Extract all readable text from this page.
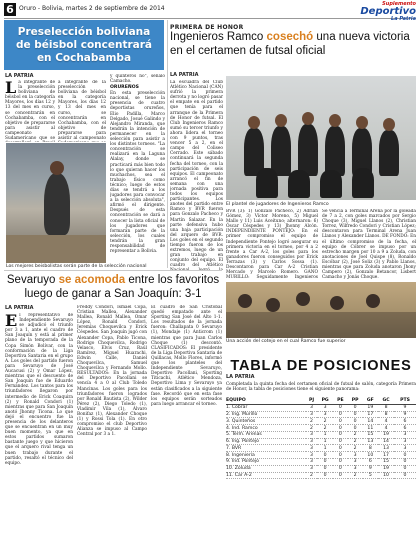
6 Oruro - Bolivia, martes 2 de septiembre de 2014
Suplemento
Deportivo
La Patria
Preselección boliviana de béisbol concentrará en Cochabamba
LA PATRIA
L a integrante de la preselección boliviana de béisbol en la categoría Mayores, los días 12 y 13 del mes en curso, se concentrarán en Cochabamba, con el objetivo de prepararse para asistir al campeonato Sudamericano que se
a integrante de la preselección boliviana de béisbol en la categoría Mayores, los días 12 y 13 del mes en curso, se concentrarán en Cochabamba, con el objetivo de prepararse para asistir al campeonato

y quinteros no", señaló Camacho.

ORUREÑOS

En esta preselección nacional, se tiene la presencia de cuatro deportistas orureños, Elio Padilla, Marco Delgado, Josué Galindo y Alejandro Miranda, que tendrán la intención de permanecer en la selección para asistir a los distintos torneos. "La concentración se realizará en la Laguna Alalay, donde se practicará más bien todo lo que quieran hacer los muchachos, sea el trabajo físico como técnico; luego de estos días se tendrá a los jugadores para convocar a la selección absoluta", afirmó el dirigente. Después de esta concentración se dará a conocer la lista oficial de los jugadores que formarán parte de la selección, los cuales tendrán la gran responsabilidad de representar a Bolivia.

Los mejores beisbolistas serán parte de la selección nacional
PRIMERA DE HONOR
Ingenieros Ramco cosechó una nueva victoria en el certamen de futsal oficial
LA PATRIA
La escuadra del Club Atlético Nacional (CAN) sufrió la primera derrota y no logró pasar el empate en el partido que tenía para el arranque de la Primera de Honor de futsal. El Club Ingenieros Ramco sumó su tercer triunfo y ahora lidera el torneo con 9 puntos, tras vencer 5 a 2, en el campo del Coliseo Cerrado. Este sábado continuará la segunda fecha del torneo, con la participación de seis equipos. El campeonato arrancó el fin de semana con una jornada positiva para todos los equipos participantes. Los anotes del partido entre Ramco y BVR fueron para Gonzalo Pacheco y Martín Salazar. En la parte defensiva hubo una baja participación del arquero de BVR. Los goles en el segundo tiempo fueron de los extremos, luego de un gran trabajo en conjunto del equipo. El cuadro del Atlético
El plantel de jugadores de Ingenieros Ramco
BVR (3): 1) Gonzalo Pacheco, 2) Adrián Gómez, 3) Víctor Moreno, 5) Miguel Mallo y 11) Luis Aceituno; alternaron: 6) Óscar Céspedes y 13) Jhonny Alcón. INDEPENDIENTE PONTEJO: En el primer compromiso el equipo de Independiente Pontejo logró asegurar su primera victoria en el torneo, por 4 a 2 frente a Car A-2, los goles para los ganadores fueron conseguidos por Erick Terrazas (3) y Carlos Sossa (1). Descontaron para Car A-2 Cristian Mercado y Marcelo Romero. GANO MURILLO: Seguidamente Ingenieros
Se vencía a Terminal Arena por la goleada de 7 a 2, con goles marcados por Sergio Choque (3), Miguel Llanos (2), Christian Torrez, Wilfredo Condori y Cristian López; descontaron para Terminal Arena Juan Llanos y Alexander Llanos. DE FONDO: En el último compromiso de la fecha, el equipo de Cóbrer se impuso por un estrecho margen por 10 a 9 a Zoluda, con anotaciones de Joel Quispe (8), Ronaldo Escóbar (2), José Soliz (3) y Pablo Llanos, mientras que para Zoluda anotaron Jhony Campero (2), Gonzalo Betancor, Lisbert Camacho y Jonás Choque.
Sevaruyo se acomoda entre los favoritos luego de ganar a San Joaquín: 3-1
LA PATRIA
E l representativo de Independiente Sevaruyo se adjudicó el triunfo por 3 a 1, ante el cuadro de San Joaquín y está al primer plano de la temporada de la Copa Simón Bolívar, con la conformación de la Liga Deportiva Santaria en el grupo A. Los goles del partido fueron para Sevaruyo de José Aucacusi (2) y Omar López, mientras que el descuento de San Joaquín fue de Eduardo Fernández. Los tantos para los triunfadores llegaron por intermedio de Erick Coaquira (2) y Ronald Condori (1) mientras que para San Joaquín anotó Jhonny Ticona. Lo que dejó el encuentro fue la presencia de los delanteros que se encuentran en un muy buen momento, ya que en estos partidos sumaron bastante juego y que hicieron que el arquero rival tenga un buen trabajo durante el partido, resaltó el técnico del equipo.
Freddy Condori, Ismael Copa, Cristian Mallea, Alexander Mallea, Ronald Mallea, Omar López, Ronald Condori, Jeremías Choquevilca y Erick Céspedes. San Joaquín jugó con Alexander Copa, Pablo Ticona, Rodrigo Choquevilca, Rodrigo Velasco, Elvis Cruz, Raúl Ramírez, Miguel Huarachi, Edwin Calle, Daniel Choquevilca, Samuel Choquevilca y Fernando Mollo. RESULTADOS: En la jornada del Deportivo Pacollani se vencía 4 a 0 al Club Toledo Mancinas. Los goles para los triunfadores fueron logrados por Ronald Bautista (2), Wilder Pérez (2), Diego Toledo (1), Vladimir Vila (1), Álvaro Bonifaz (1), Alexander Choque (1) y Rossi Tola (1). En otro compromiso el club Deportivo Alianza se impuso al Campo Central por 3 a 1.
El cuadro de San Cristóbal quedó empatado ante el Sporting San José del Alto 1-1. Los resultados de la jornada fueron: Challapata 0 Sevaruyo (1), Mondaje (1) Anticrom (1) mientras que para Juan Carlos Choque (1) descontó. CLASIFICADOS: El presidente de la Liga Deportiva Santaria de Quillacas, Mollo Flores, informó que los planteles del Independiente Sevaruyo, Deportivo Pacollani, Sporting Titicachi, Atlético Mendoza, Deportivo Lima y Sevaruyo ya están clasificados a la siguiente fase. Recordó que en esta fase los equipos serán sorteados para luego arrancar el torneo.
Una acción del cotejo en el cual Ramco fue superior
TABLA DE POSICIONES
LA PATRIA
Completada la quinta fecha del certamen oficial de futsal de salón, categoría Primera de Honor, la tabla de posiciones tiene el siguiente panorama:
EQUIPO	PJ	PG	PE	PP	GF	GC	PTS
1. Cobrar	3	3	0	0	19	8	9
2. Ing. Murillo	3	3	0	0	17	8	9
3. Quinteños	2	2	0	0	14	4	6
4. Ind. Ramco	2	2	0	0	11	4	6
5. Term. Arenas	3	1	0	2	15	19	3
6. Ing. Pontejo	3	1	0	2	13	14	3
7. BVR	3	1	0	2	8	13	3
8. Ingeniería	3	0	0	3	10	17	0
9. Ind. Pontejo	3	0	0	3	6	15	0
10. Zoluda	3	0	0	3	9	19	0
11. Car A-2	2	0	0	2	5	10	0
